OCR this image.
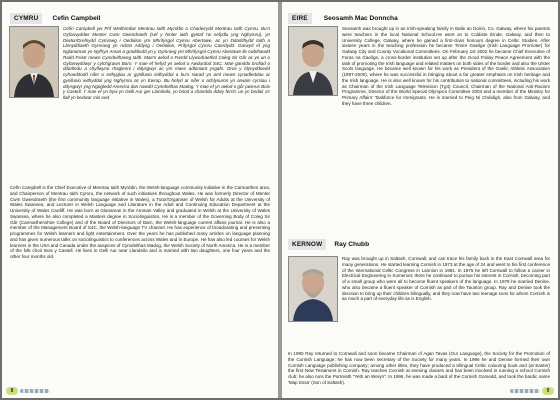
CYMRU	Cefin Campbell

Cefin Campbell yw Prif Weithredwr Mentrau Iaith Myrddin a Chadeirydd Mentrau Iaith Cymru. Bu'n Gyfarwyddwr Menter Cwm Gwendraeth (sef y fenter iaith gyntaf i'w sefydlu yng Nghymru), yn Diwtor/Drefnydd Cymraeg i Oedolion ym Mhrifysgol Cymru Abertawe, ac yn Ddarlithydd Iaith a Llenyddiaeth Gymraeg yn Adran Addysg i Oedolion, Prifysgol Cymru Caerdydd. Garwyd ef yng Nglanaman yn Nyffryn Aman a graddiodd yn y Gymraeg ym Mhrifysgol Cymru Abertawe lle cwblhaodd Radd Feistr mewn Cymdeithaseg Iaith. Mae'n aelod o Fwrdd Llywodraethol Coleg Sir Gâr ac yn un o Gyfarwyddwyr y cylchgrawn Barn. Y mae ef hefyd yn aelod o Awdurdod S4C. Mae ganddo brofiad o ddarlledu a chyflwyno rhaglenni i ddysgwyr ac ym maes adloniant ysgafn. Dros y blynyddoedd cyhoeddodd nifer o erthyglau ar gynllunio ieithyddol a bu'n siarad yn aml mewn cynadleddau ar gynllunio ieithyddol yng Nghymru ac yn Ewrop. Bu hefyd ar nifer o achlysuron yn arwain cyrsiau i ddysgwyr yng Ngogledd America dan nawdd Cymdeithas Madog. Y mae ef yn aelod o gôr pwerus Bois y Castell. Y mae ef yn byw yn Gelli Aur ger Llandeilo, yn briod a chanddo ddwy ferch: un yn bedair a'r llall yn bedwar mis oed.

Cefin Campbell is the Chief Executive of Mentrau Iaith Myrddin, the Welsh-language community initiative in the Carmarthen area, and Chairperson of Mentrau Iaith Cymru, the network of such initiatives throughout Wales. He was formerly Director of Menter Cwm Gwendraeth (the first community language initiative in Wales), a Tutor/Organiser of Welsh for Adults at the University of Wales Swansea, and Lecturer in Welsh Language and Literature in the Adult and Continuing Education Department at the University of Wales Cardiff. He was born at Glanaman in the Amman Valley and graduated in Welsh at the University of Wales Swansea, where he also completed a Masters degree in Sociolinguistics. He is a member of the Governing Body of Coleg Sir Gâr (Carmarthenshire College) and of the Board of Directors of Barn, the Welsh-language current affairs journal. He is also a member of the Management Board of S4C, the Welsh-language TV channel. He has experience of broadcasting and presenting programmes for Welsh learners and light entertainment. Over the years he has published many articles on language planning and has given numerous talks on sociolinguistics to conferences across Wales and in Europe. He has also led courses for Welsh learners in the USA and Canada under the auspices of Cymdeithas Madog, the Welsh Society of North America. He is a member of the folk choir Bois y Castell. He lives in Gelli Aur near Llandeilo and is married with two daughters, one four years and the other four months old.

8
EIRE	Seosamh Mac Donncha

Seosamh was brought up in an Irish-speaking family in Baile an Doirin, Co. Galway, where his parents were teachers in the local National School.He went on to Coláiste Éinde, Galway, and then to University College, Galway, where he gained a first-class honours degree in Celtic Studies. After sixteen years in the teaching profession he became Timire Gaeilge (Irish Language Promoter) for Galway City and County Vocational Committees. On February 1st 2002 he became Chief Executive of Foras na Gaeilge, a cross-border institution set up after the Good Friday Peace Agreement with the task of promoting the Irish language and related matters on both sides of the border and also the Ulster Scots language. He became well known for his work as President of the Gaelic Athletic Association (1997-2000), where he was successful in bringing about a far greater emphasis on Irish heritage and the Irish language. He is also well known for his contribution to national committees, including his work as Chairman of the Irish Language Television (Tg4) Council, Chairman of the National Anti-Racism Programme, Director of the World Special Olympics Committee 2003 and a member of the Ministry for Primary Affairs' Taskforce for Immigrants. He is married to Peig Ní Chéidigh, also from Galway, and they have three children.

KERNOW	Ray Chubb

Ray was brought up in Saltash, Cornwall, and can trace his family back in the East Cornwall area for many generations. He started learning Cornish in 1973 at the age of 24 and went to his first conference of the International Celtic Congress in Lannion in 1981. In 1975 he left Cornwall to follow a career in Electrical Engineering in Somerset; there he continued to pursue his interest in Cornish, becoming part of a small group who were all to become fluent speakers of the language. In 1979 he married Denise, who also became a fluent speaker of Cornish as part of the Taunton group. Ray and Denise took the decision to bring up their children bilingually, and they now have two teenage sons for whom Cornish is as much a part of everyday life as is English.

In 1990 Ray returned to Cornwall and soon became Chairman of Agan Tavas (Our Language), the Society for the Promotion of the Cornish Language; he has now been secretary of the Society for many years. In 1996 he and Denise formed their own Cornish Language publishing company; among other titles, they have produced a trilingual Celtic colouring book and (at Easter) the first New Testament in Cornish. Ray teaches Cornish at evening classes and has been involved in running a school Cornish club; he also runs the Portreath "Yeth an Weryn". In 1996, he was made a bard of the Cornish Gorsedd, and took the bardic name 'Map Essa' (Son of Saltash).

9
